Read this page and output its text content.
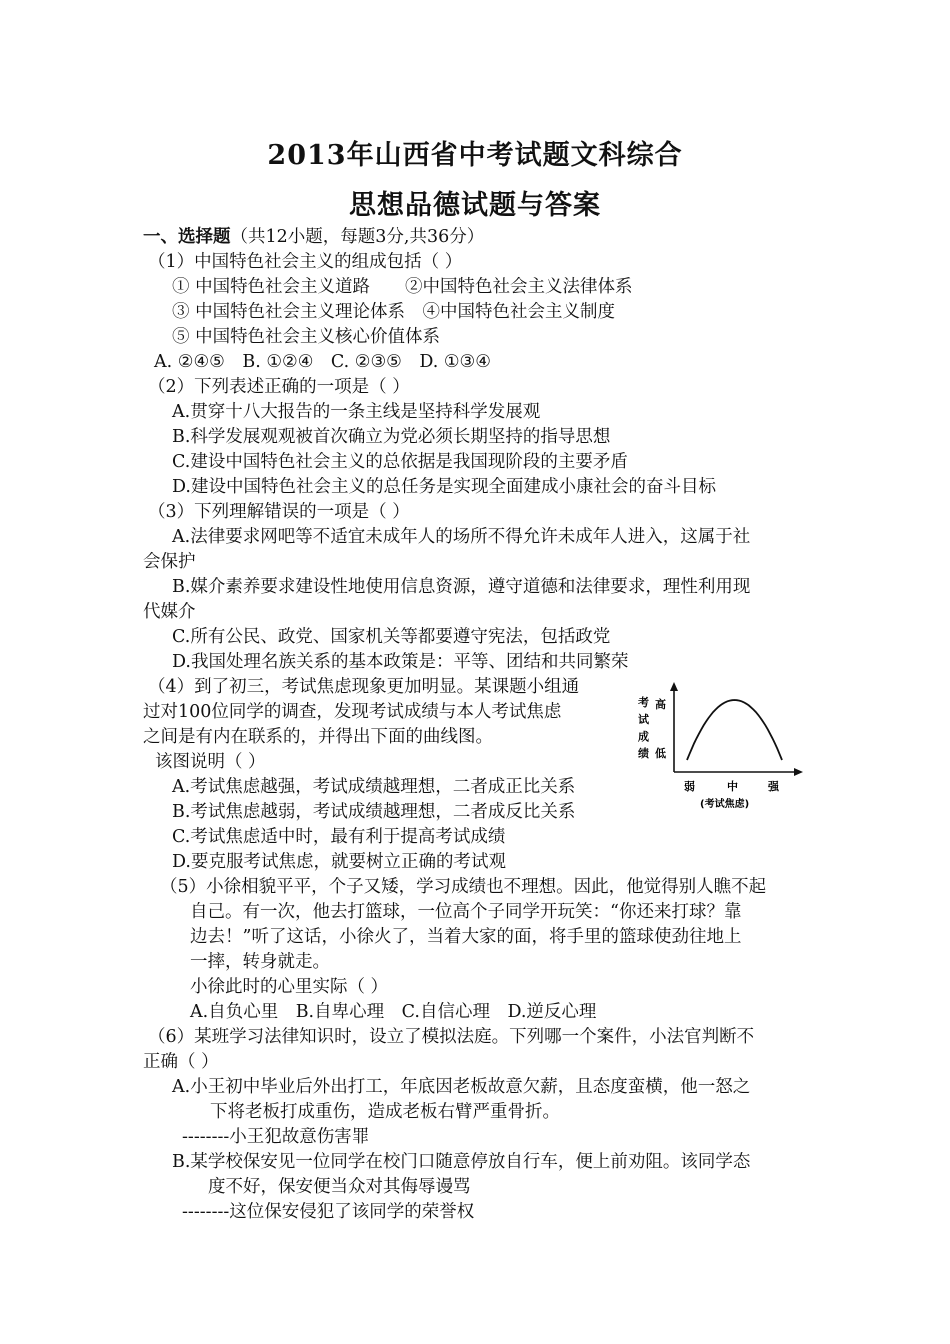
2013年山西省中考试题文科综合
思想品德试题与答案
一、选择题（共12小题，每题3分,共36分）
（1）中国特色社会主义的组成包括（ ）
① 中国特色社会主义道路　　②中国特色社会主义法律体系
③ 中国特色社会主义理论体系　④中国特色社会主义制度
⑤ 中国特色社会主义核心价值体系
A. ②④⑤　B. ①②④　C. ②③⑤　D. ①③④
（2）下列表述正确的一项是（ ）
A.贯穿十八大报告的一条主线是坚持科学发展观
B.科学发展观观被首次确立为党必须长期坚持的指导思想
C.建设中国特色社会主义的总依据是我国现阶段的主要矛盾
D.建设中国特色社会主义的总任务是实现全面建成小康社会的奋斗目标
（3）下列理解错误的一项是（ ）
A.法律要求网吧等不适宜未成年人的场所不得允许未成年人进入，这属于社
会保护
B.媒介素养要求建设性地使用信息资源，遵守道德和法律要求，理性利用现
代媒介
C.所有公民、政党、国家机关等都要遵守宪法，包括政党
D.我国处理名族关系的基本政策是：平等、团结和共同繁荣
（4）到了初三，考试焦虑现象更加明显。某课题小组通
过对100位同学的调查，发现考试成绩与本人考试焦虑
之间是有内在联系的，并得出下面的曲线图。
该图说明（ ）
A.考试焦虑越强，考试成绩越理想，二者成正比关系
B.考试焦虑越弱，考试成绩越理想，二者成反比关系
C.考试焦虑适中时，最有利于提高考试成绩
D.要克服考试焦虑，就要树立正确的考试观
考
试
成
绩
高
低
弱	中	强
(考试焦虑)
（5）小徐相貌平平，个子又矮，学习成绩也不理想。因此，他觉得别人瞧不起
自己。有一次，他去打篮球，一位高个子同学开玩笑：“你还来打球？靠
边去！”听了这话，小徐火了，当着大家的面，将手里的篮球使劲往地上
一摔，转身就走。
小徐此时的心里实际（ ）
A.自负心里　B.自卑心理　C.自信心理　D.逆反心理
（6）某班学习法律知识时，设立了模拟法庭。下列哪一个案件，小法官判断不
正确（ ）
A.小王初中毕业后外出打工，年底因老板故意欠薪，且态度蛮横，他一怒之
下将老板打成重伤，造成老板右臂严重骨折。
--------小王犯故意伤害罪
B.某学校保安见一位同学在校门口随意停放自行车，便上前劝阻。该同学态
度不好，保安便当众对其侮辱谩骂
--------这位保安侵犯了该同学的荣誉权
